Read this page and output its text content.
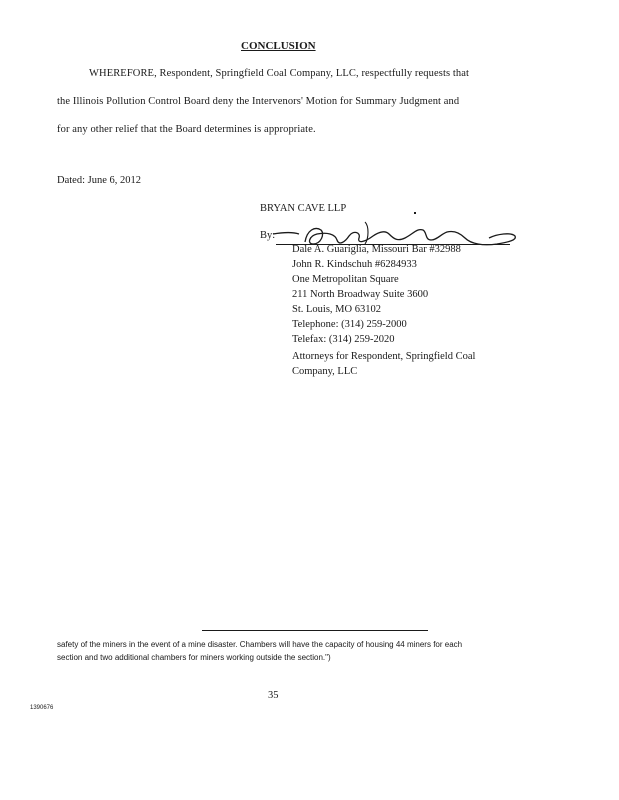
CONCLUSION
WHEREFORE, Respondent, Springfield Coal Company, LLC, respectfully requests that
the Illinois Pollution Control Board deny the Intervenors' Motion for Summary Judgment and
for any other relief that the Board determines is appropriate.
Dated: June 6, 2012
BRYAN CAVE LLP
By:
Dale A. Guariglia, Missouri Bar #32988
John R. Kindschuh #6284933
One Metropolitan Square
211 North Broadway Suite 3600
St. Louis, MO 63102
Telephone: (314) 259-2000
Telefax: (314) 259-2020
Attorneys for Respondent, Springfield Coal
Company, LLC
safety of the miners in the event of a mine disaster. Chambers will have the capacity of housing 44 miners for each
section and two additional chambers for miners working outside the section.")
35
1390676
